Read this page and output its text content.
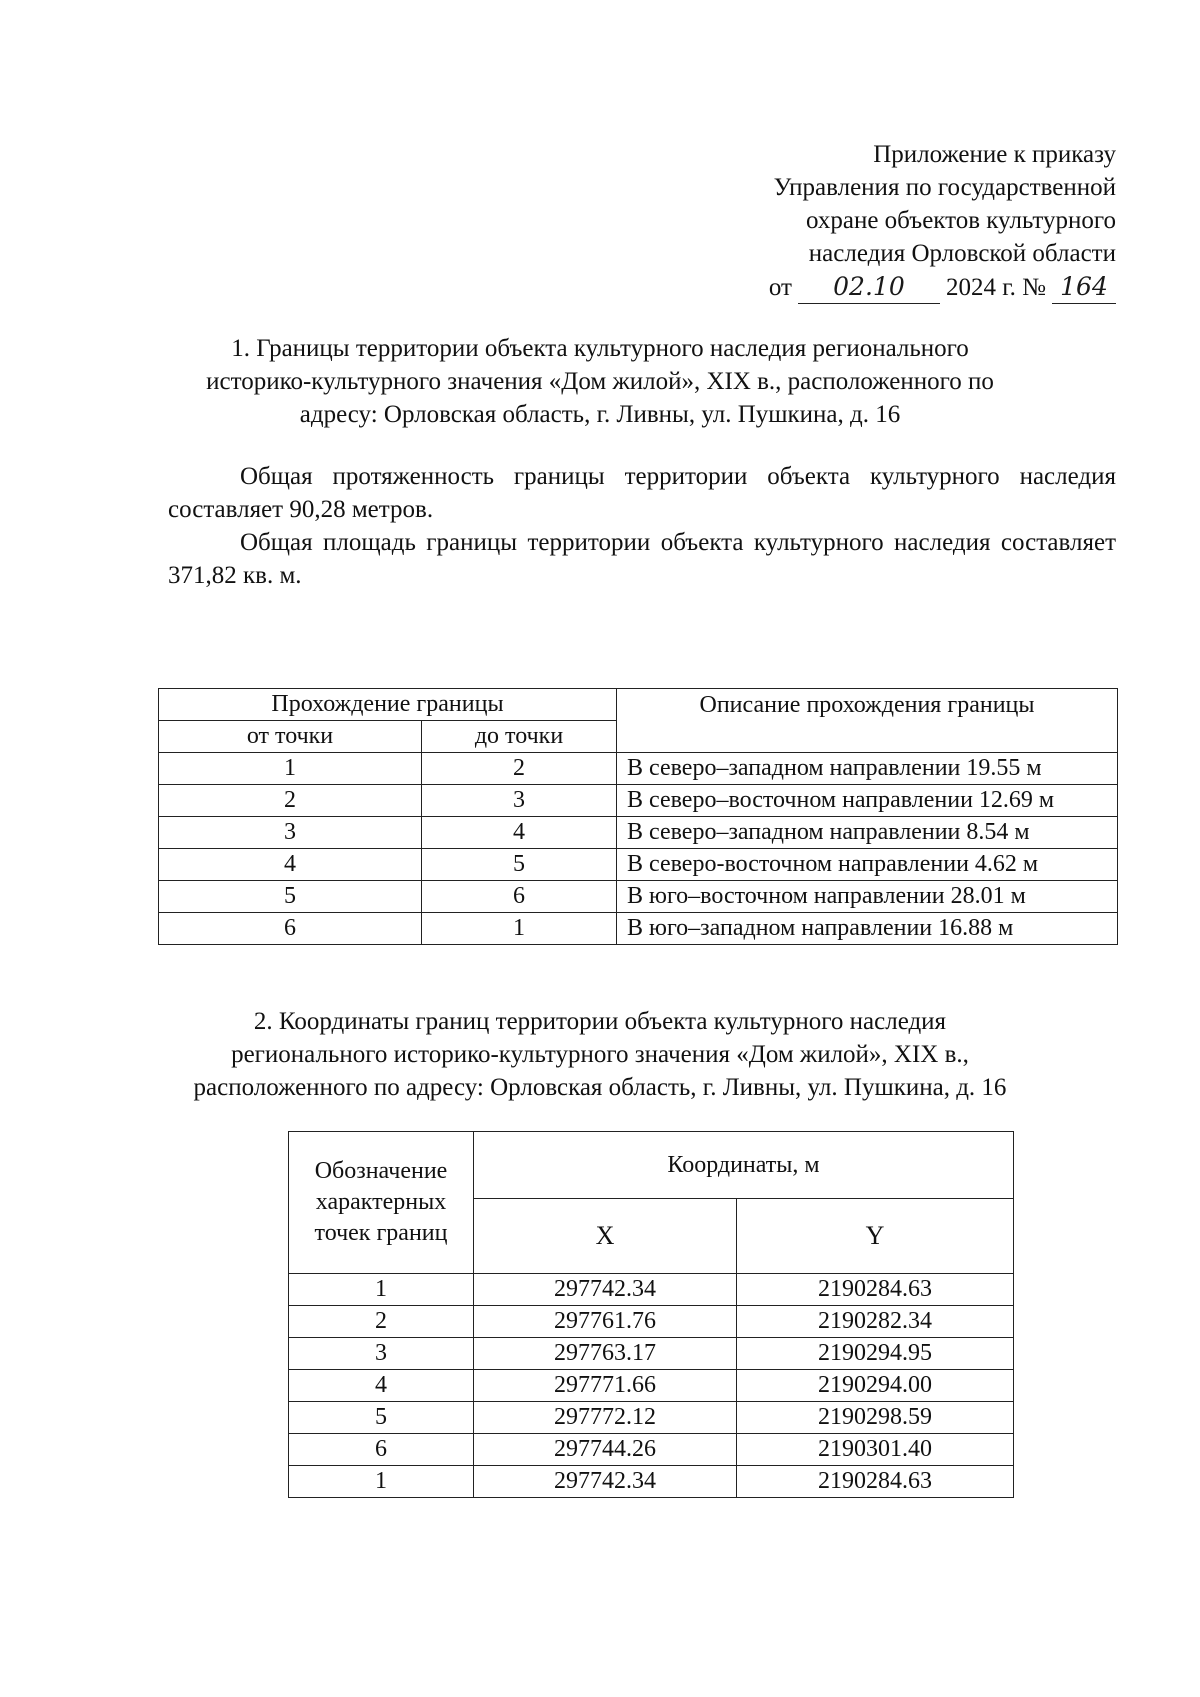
Приложение к приказу
Управления по государственной
охране объектов культурного
наследия Орловской области
от 02.10 2024 г. № 164
1. Границы территории объекта культурного наследия регионального
историко-культурного значения «Дом жилой», XIX в., расположенного по
адресу: Орловская область, г. Ливны, ул. Пушкина, д. 16
Общая протяженность границы территории объекта культурного наследия составляет 90,28 метров.
Общая площадь границы территории объекта культурного наследия составляет 371,82 кв. м.
Прохождение границы		Описание прохождения границы
от точки	до точки	
1	2	В северо–западном направлении 19.55 м
2	3	В северо–восточном направлении 12.69 м
3	4	В северо–западном направлении 8.54 м
4	5	В северо-восточном направлении 4.62 м
5	6	В юго–восточном направлении 28.01 м
6	1	В юго–западном направлении 16.88 м
2. Координаты границ территории объекта культурного наследия
регионального историко-культурного значения «Дом жилой», XIX в.,
расположенного по адресу: Орловская область, г. Ливны, ул. Пушкина, д. 16
Обозначение характерных точек границ	Координаты, м	
	X	Y
1	297742.34	2190284.63
2	297761.76	2190282.34
3	297763.17	2190294.95
4	297771.66	2190294.00
5	297772.12	2190298.59
6	297744.26	2190301.40
1	297742.34	2190284.63
